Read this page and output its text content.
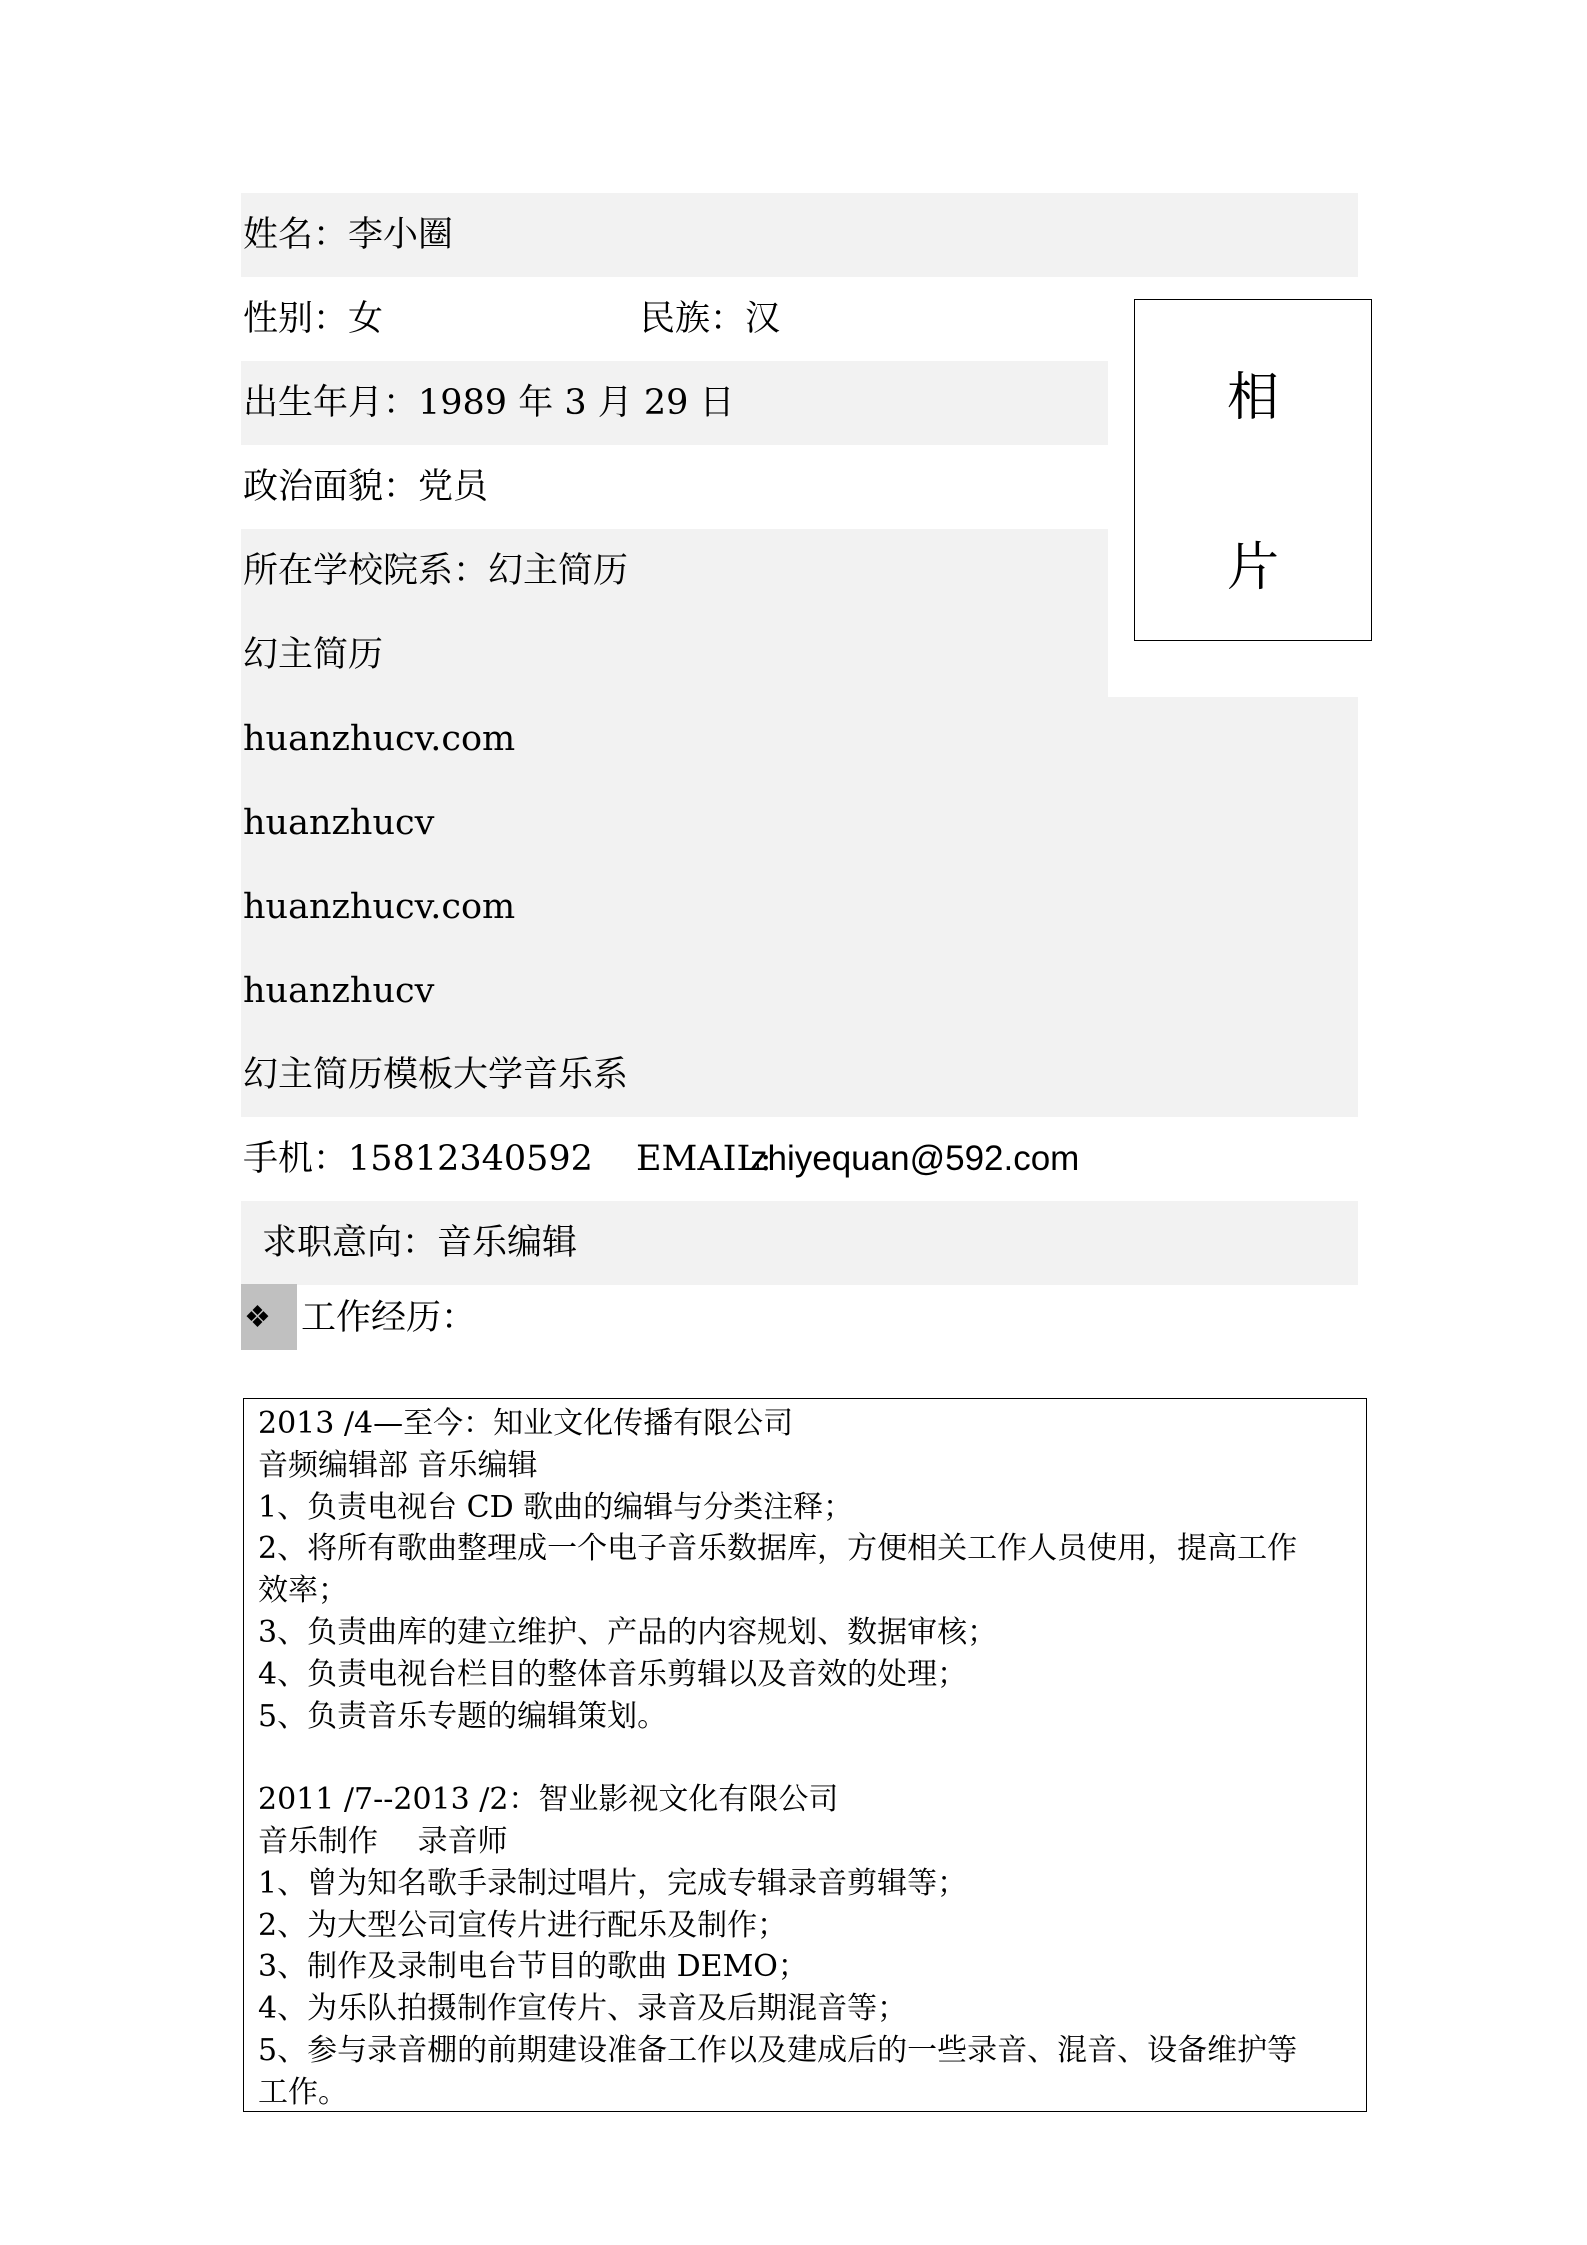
姓名：李小圈
性别：女	民族：汉
出生年月：1989 年 3 月 29 日
政治面貌：党员
所在学校院系：幻主简历
幻主简历
huanzhucv.com
huanzhucv
huanzhucv.com
huanzhucv
幻主简历模板大学音乐系
手机：15812340592 EMAIL:
zhiyequan@592.com
求职意向：音乐编辑
相
片
❖ 工作经历：
2013 /4—至今：知业文化传播有限公司
音频编辑部 音乐编辑
1、负责电视台 CD 歌曲的编辑与分类注释；
2、将所有歌曲整理成一个电子音乐数据库，方便相关工作人员使用，提高工作
效率；
3、负责曲库的建立维护、产品的内容规划、数据审核；
4、负责电视台栏目的整体音乐剪辑以及音效的处理；
5、负责音乐专题的编辑策划。
2011 /7--2013 /2：智业影视文化有限公司
音乐制作　 录音师
1、曾为知名歌手录制过唱片，完成专辑录音剪辑等；
2、为大型公司宣传片进行配乐及制作；
3、制作及录制电台节目的歌曲 DEMO；
4、为乐队拍摄制作宣传片、录音及后期混音等；
5、参与录音棚的前期建设准备工作以及建成后的一些录音、混音、设备维护等
工作。
